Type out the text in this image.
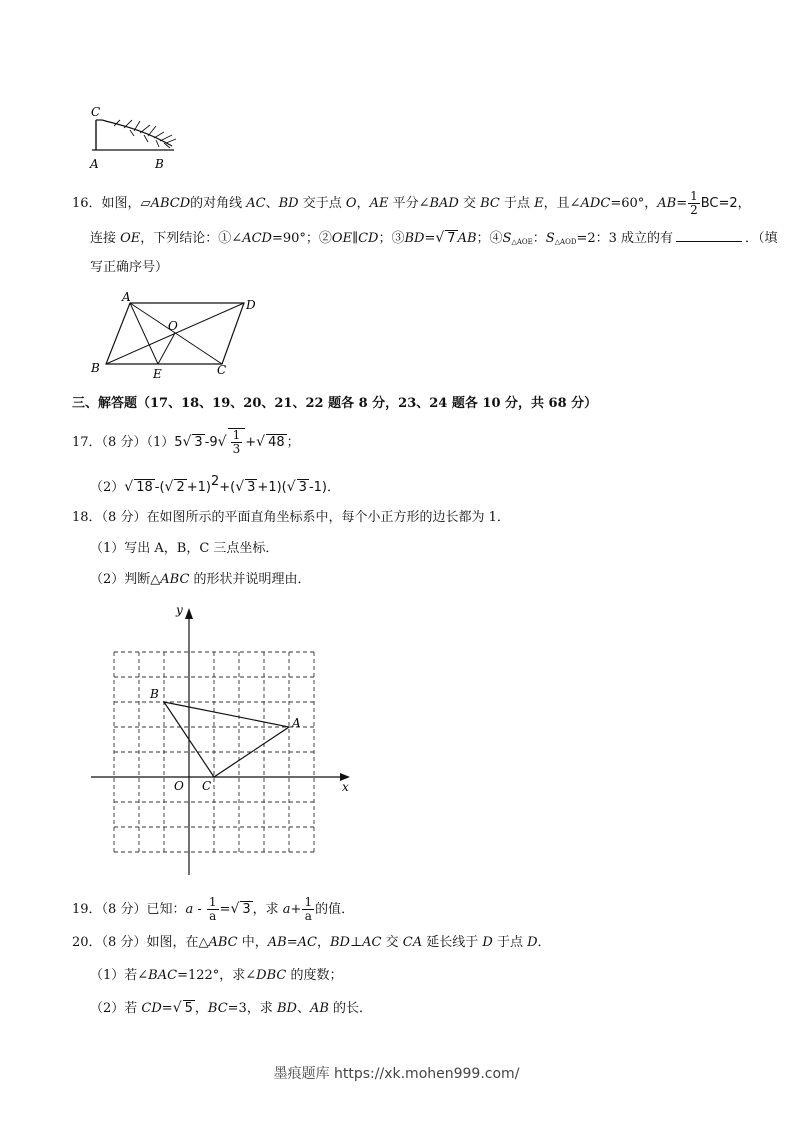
C
A	B
16．如图，▱ABCD的对角线 AC、BD 交于点 O，AE 平分∠BAD 交 BC 于点 E，且∠ADC=60°，$AB= \frac{1}{2} BC=2$，
连接 OE，下列结论：①∠ACD=90°；②OE∥CD；③BD=√ 7 AB；$④S_{\triangle AOE}$：$S_{\triangle AOD}=2$：3 成立的有	．（填
写正确序号）
A
D
O
B	E	C
三、解答题（17、18、19、20、21、22 题各 8 分，23、24 题各 10 分，共 68 分）
17．（8 分）（1）5√ 3 $-9√ \frac{1}{3}$ +√ 48 ；
（2）√ 18 -(√ 2 +1)2+(√ 3 +1)(√ 3 -1)．
18．（8 分）在如图所示的平面直角坐标系中，每个小正方形的边长都为 1．
（1）写出 A，B，C 三点坐标．
（2）判断△ABC 的形状并说明理由．
y
x
O C
B
A
19．（8 分）已知：a - $\frac{1}{a}$ =√ 3 ，求 $a+ \frac{1}{a}$ 的值．
20．（8 分）如图，在△ABC 中，AB=AC，BD⊥AC 交 CA 延长线于 D 于点 D．
（1）若∠BAC=122°，求∠DBC 的度数；
（2）若 CD=√ 5 ，BC=3，求 BD、AB 的长．
墨痕题库 https://xk.mohen999.com/
